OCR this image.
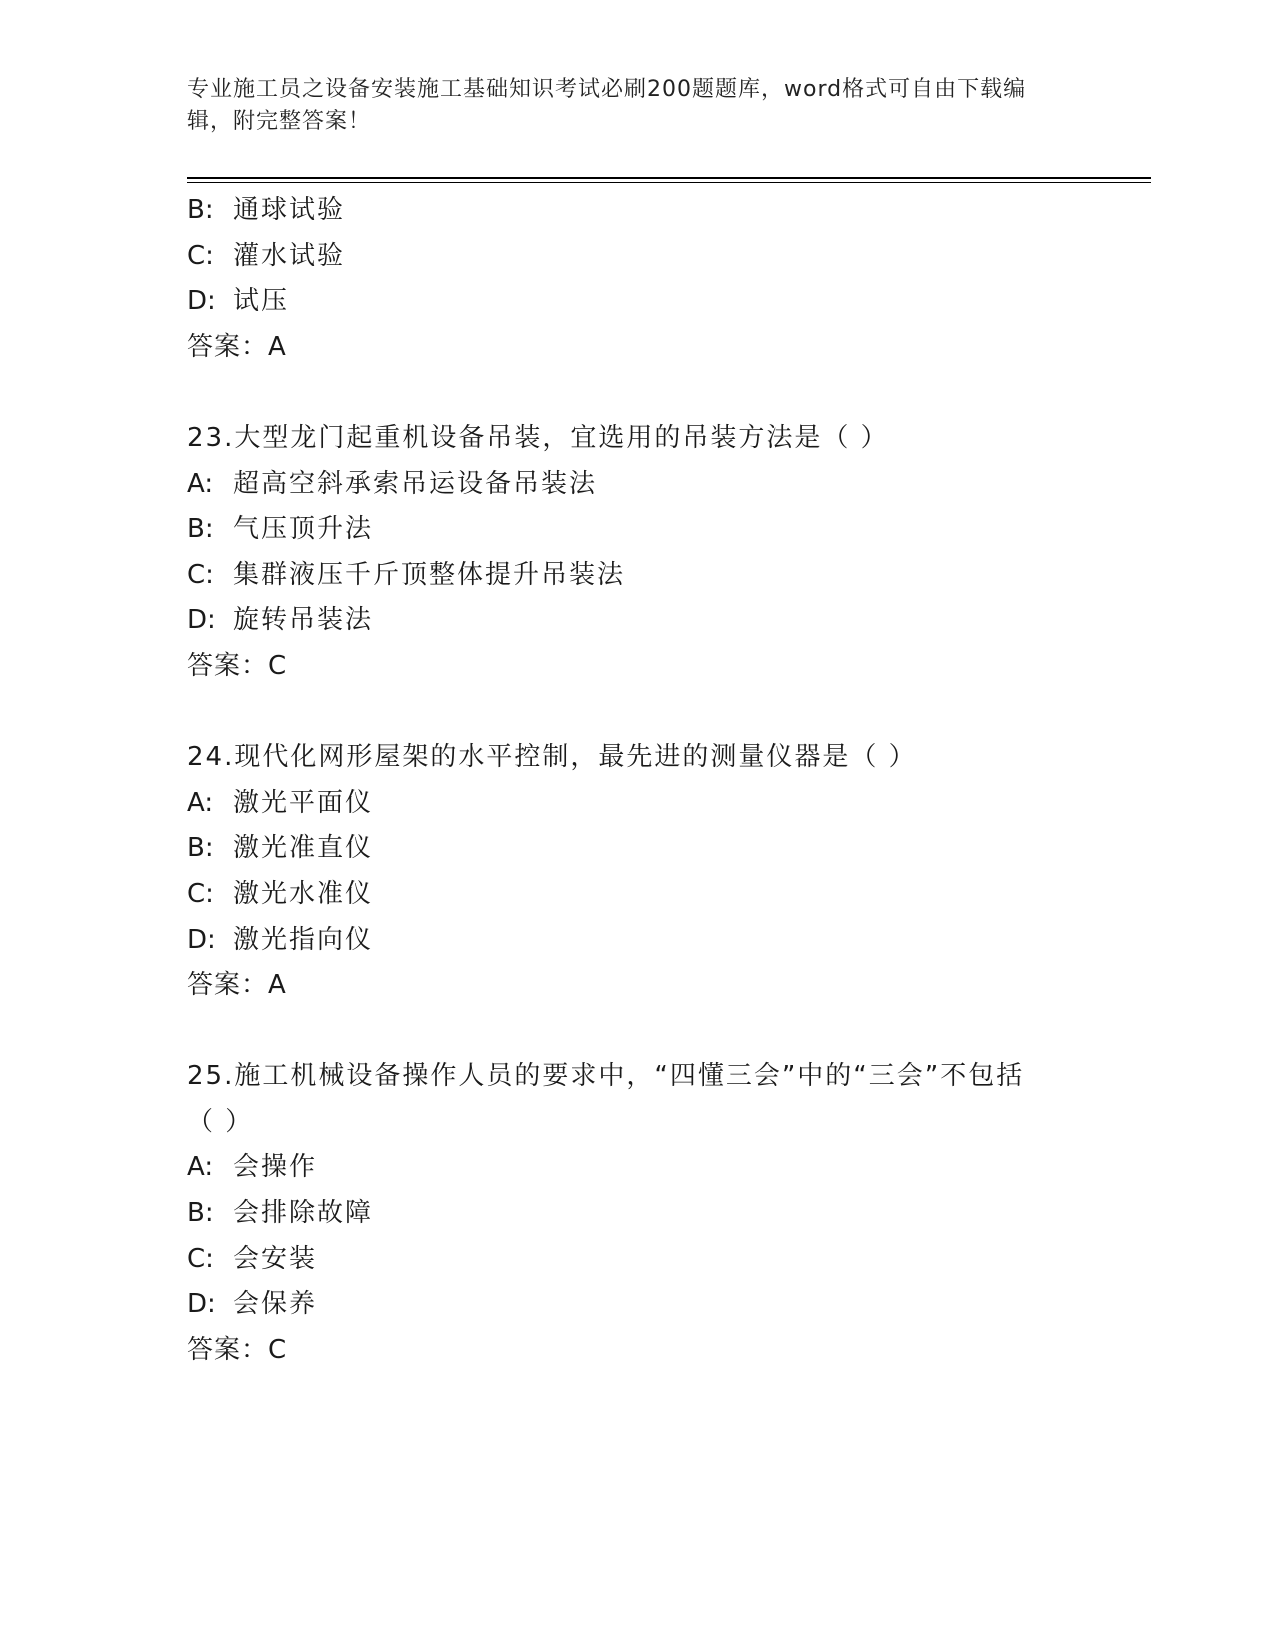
专业施工员之设备安装施工基础知识考试必刷200题题库，word格式可自由下载编辑，附完整答案！
B: 通球试验
C: 灌水试验
D: 试压
答案：A
23.大型龙门起重机设备吊装，宜选用的吊装方法是（ ）
A: 超高空斜承索吊运设备吊装法
B: 气压顶升法
C: 集群液压千斤顶整体提升吊装法
D: 旋转吊装法
答案：C
24.现代化网形屋架的水平控制，最先进的测量仪器是（ ）
A: 激光平面仪
B: 激光准直仪
C: 激光水准仪
D: 激光指向仪
答案：A
25.施工机械设备操作人员的要求中，“四懂三会”中的“三会”不包括（ ）
A: 会操作
B: 会排除故障
C: 会安装
D: 会保养
答案：C
